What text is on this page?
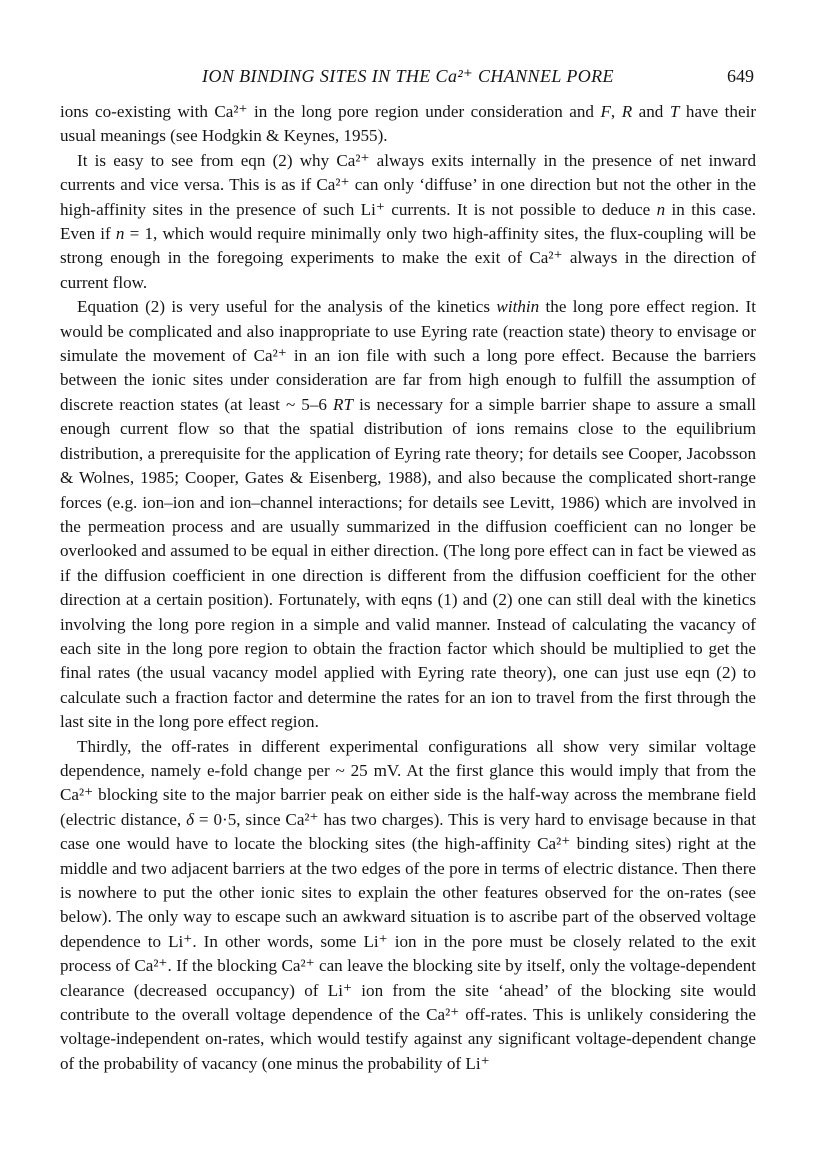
ION BINDING SITES IN THE Ca²⁺ CHANNEL PORE	649

ions co-existing with Ca²⁺ in the long pore region under consideration and F, R and T have their usual meanings (see Hodgkin & Keynes, 1955).

It is easy to see from eqn (2) why Ca²⁺ always exits internally in the presence of net inward currents and vice versa. This is as if Ca²⁺ can only ‘diffuse’ in one direction but not the other in the high-affinity sites in the presence of such Li⁺ currents. It is not possible to deduce n in this case. Even if n = 1, which would require minimally only two high-affinity sites, the flux-coupling will be strong enough in the foregoing experiments to make the exit of Ca²⁺ always in the direction of current flow.

Equation (2) is very useful for the analysis of the kinetics within the long pore effect region. It would be complicated and also inappropriate to use Eyring rate (reaction state) theory to envisage or simulate the movement of Ca²⁺ in an ion file with such a long pore effect. Because the barriers between the ionic sites under consideration are far from high enough to fulfill the assumption of discrete reaction states (at least ~ 5–6 RT is necessary for a simple barrier shape to assure a small enough current flow so that the spatial distribution of ions remains close to the equilibrium distribution, a prerequisite for the application of Eyring rate theory; for details see Cooper, Jacobsson & Wolnes, 1985; Cooper, Gates & Eisenberg, 1988), and also because the complicated short-range forces (e.g. ion–ion and ion–channel interactions; for details see Levitt, 1986) which are involved in the permeation process and are usually summarized in the diffusion coefficient can no longer be overlooked and assumed to be equal in either direction. (The long pore effect can in fact be viewed as if the diffusion coefficient in one direction is different from the diffusion coefficient for the other direction at a certain position). Fortunately, with eqns (1) and (2) one can still deal with the kinetics involving the long pore region in a simple and valid manner. Instead of calculating the vacancy of each site in the long pore region to obtain the fraction factor which should be multiplied to get the final rates (the usual vacancy model applied with Eyring rate theory), one can just use eqn (2) to calculate such a fraction factor and determine the rates for an ion to travel from the first through the last site in the long pore effect region.

Thirdly, the off-rates in different experimental configurations all show very similar voltage dependence, namely e-fold change per ~ 25 mV. At the first glance this would imply that from the Ca²⁺ blocking site to the major barrier peak on either side is the half-way across the membrane field (electric distance, δ = 0·5, since Ca²⁺ has two charges). This is very hard to envisage because in that case one would have to locate the blocking sites (the high-affinity Ca²⁺ binding sites) right at the middle and two adjacent barriers at the two edges of the pore in terms of electric distance. Then there is nowhere to put the other ionic sites to explain the other features observed for the on-rates (see below). The only way to escape such an awkward situation is to ascribe part of the observed voltage dependence to Li⁺. In other words, some Li⁺ ion in the pore must be closely related to the exit process of Ca²⁺. If the blocking Ca²⁺ can leave the blocking site by itself, only the voltage-dependent clearance (decreased occupancy) of Li⁺ ion from the site ‘ahead’ of the blocking site would contribute to the overall voltage dependence of the Ca²⁺ off-rates. This is unlikely considering the voltage-independent on-rates, which would testify against any significant voltage-dependent change of the probability of vacancy (one minus the probability of Li⁺
